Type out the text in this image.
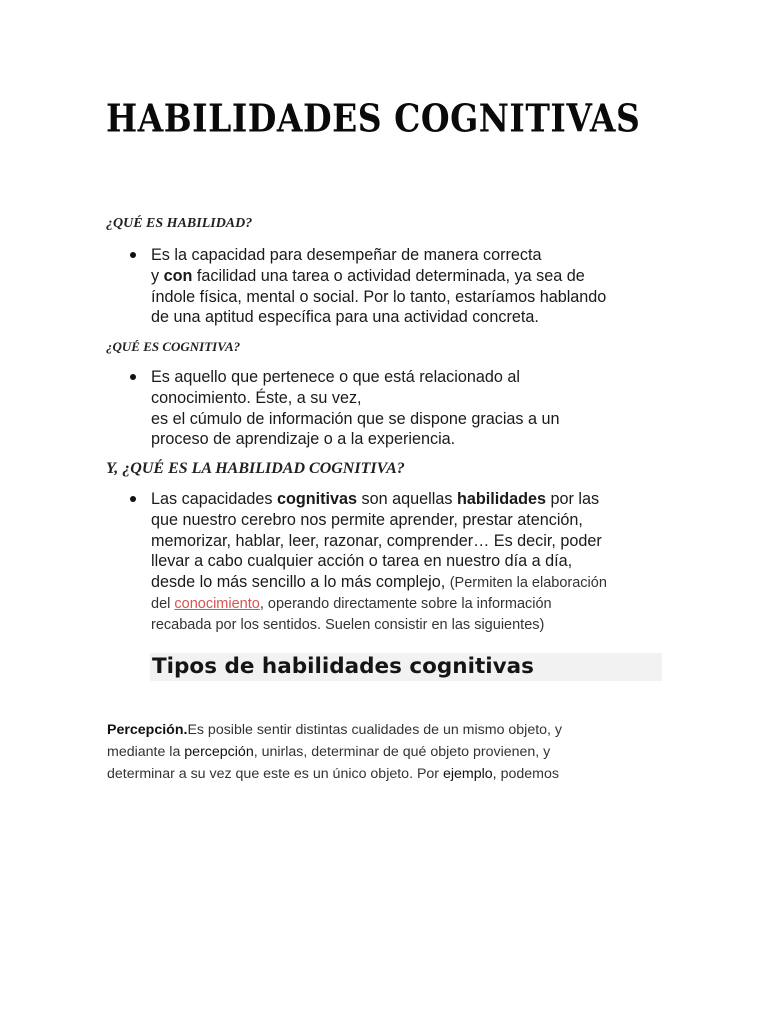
HABILIDADES COGNITIVAS

¿QUÉ ES HABILIDAD?

Es la capacidad para desempeñar de manera correcta
y con facilidad una tarea o actividad determinada, ya sea de
índole física, mental o social. Por lo tanto, estaríamos hablando
de una aptitud específica para una actividad concreta.

¿QUÉ ES COGNITIVA?

Es aquello que pertenece o que está relacionado al
conocimiento. Éste, a su vez,
es el cúmulo de información que se dispone gracias a un
proceso de aprendizaje o a la experiencia.

Y, ¿QUÉ ES LA HABILIDAD COGNITIVA?

Las capacidades cognitivas son aquellas habilidades por las
que nuestro cerebro nos permite aprender, prestar atención,
memorizar, hablar, leer, razonar, comprender… Es decir, poder
llevar a cabo cualquier acción o tarea en nuestro día a día,
desde lo más sencillo a lo más complejo, (Permiten la elaboración
del conocimiento, operando directamente sobre la información
recabada por los sentidos. Suelen consistir en las siguientes)
Tipos de habilidades cognitivas
Percepción.Es posible sentir distintas cualidades de un mismo objeto, y
mediante la percepción, unirlas, determinar de qué objeto provienen, y
determinar a su vez que este es un único objeto. Por ejemplo, podemos
